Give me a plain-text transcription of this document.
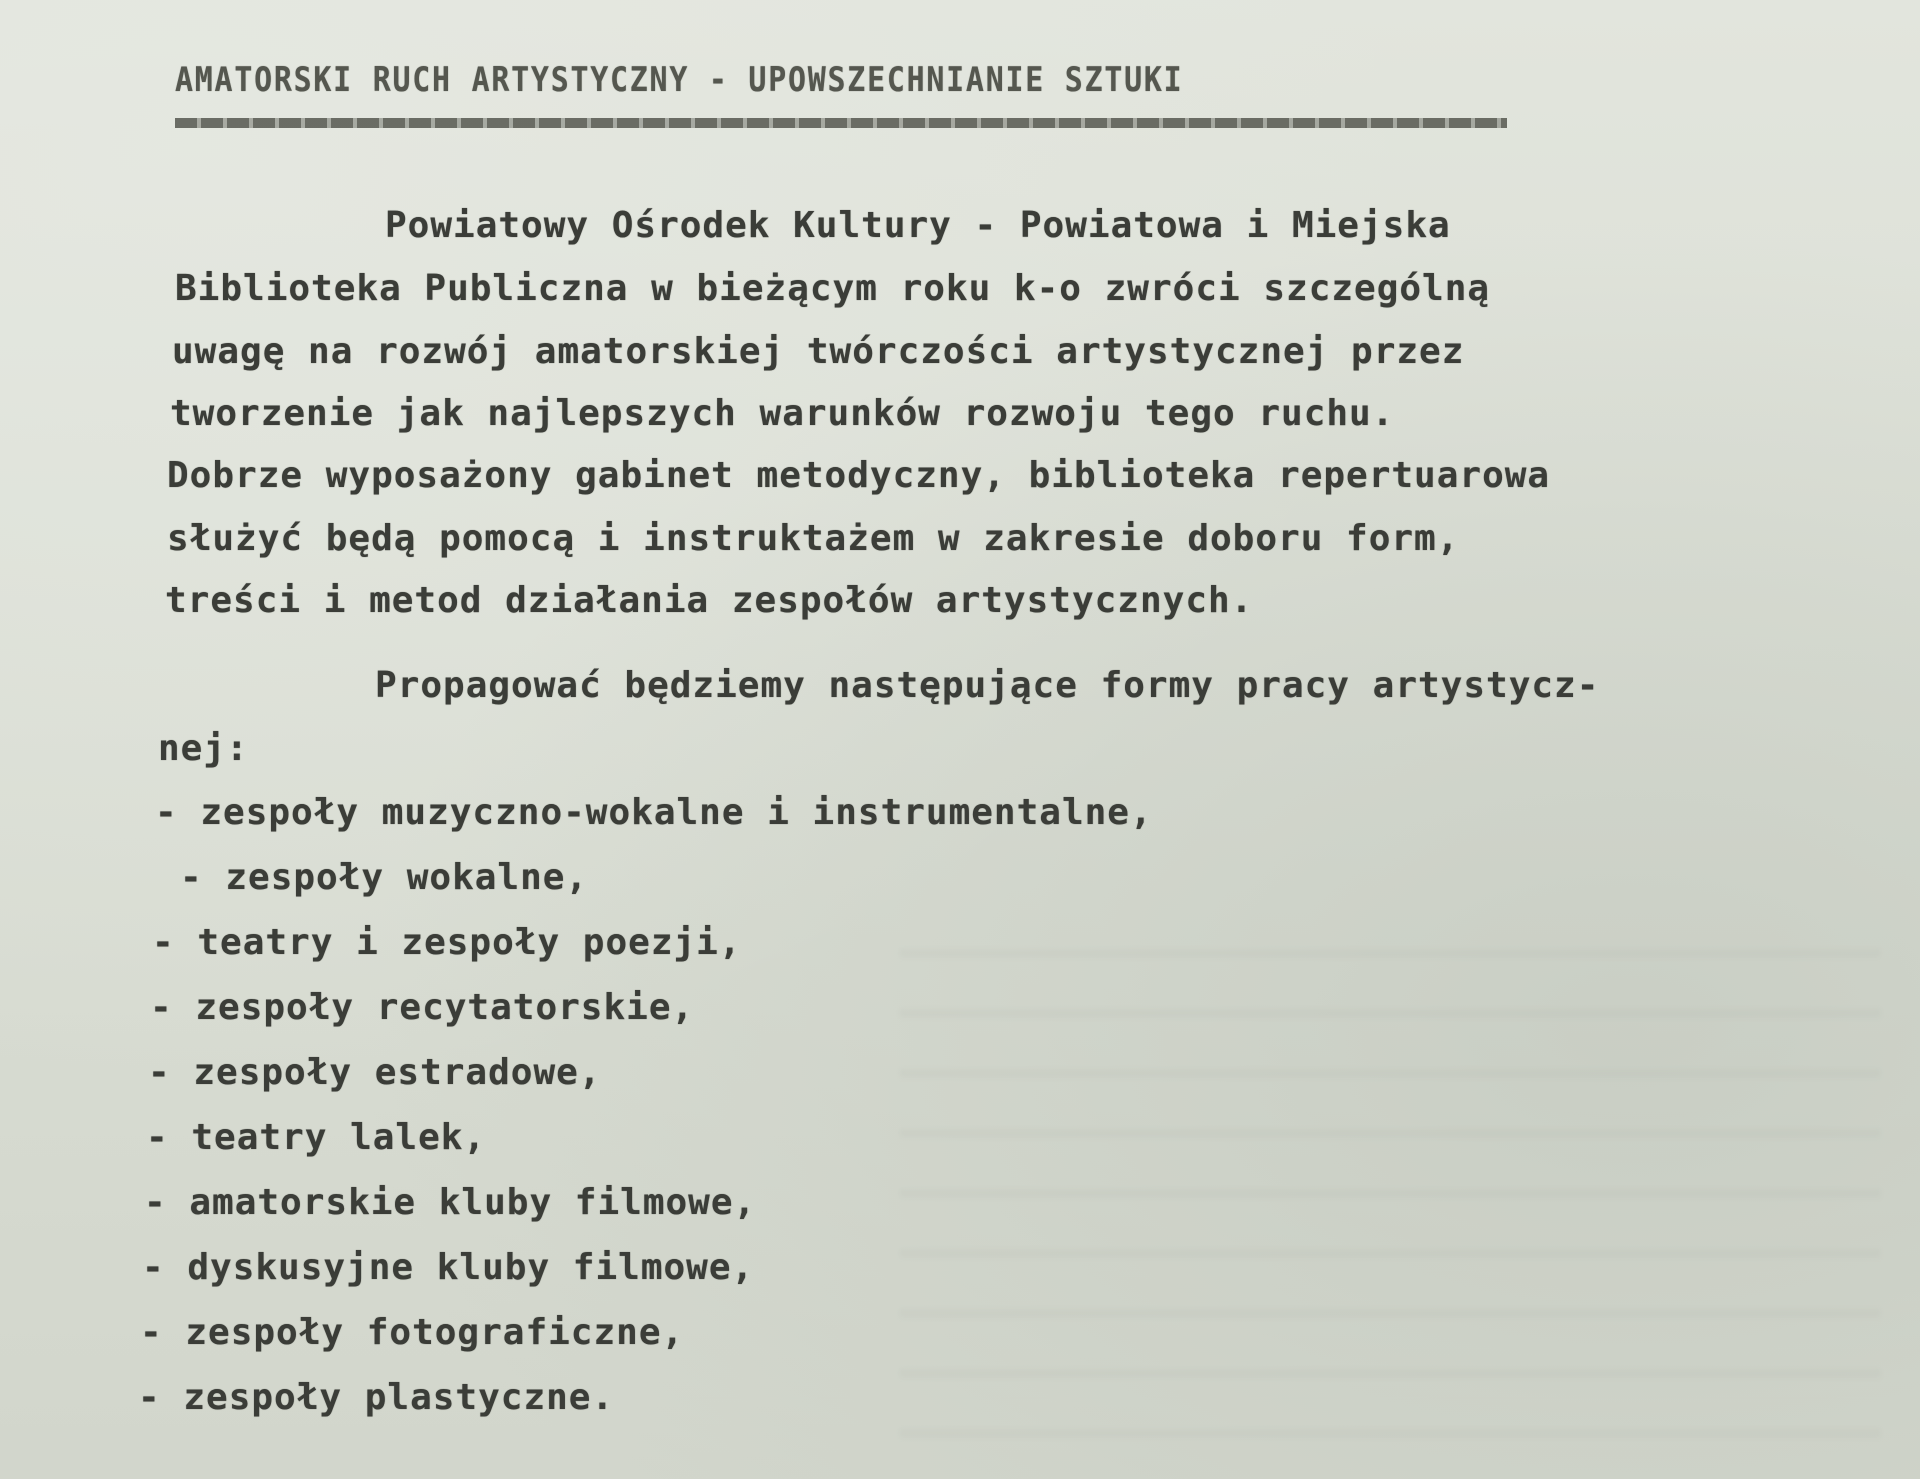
AMATORSKI RUCH ARTYSTYCZNY - UPOWSZECHNIANIE SZTUKI

Powiatowy Ośrodek Kultury - Powiatowa i Miejska

Biblioteka Publiczna w bieżącym roku k-o zwróci szczególną

uwagę na rozwój amatorskiej twórczości artystycznej przez

tworzenie jak najlepszych warunków rozwoju tego ruchu.

Dobrze wyposażony gabinet metodyczny, biblioteka repertuarowa

służyć będą pomocą i instruktażem w zakresie doboru form,

treści i metod działania zespołów artystycznych.

Propagować będziemy następujące formy pracy artystycz-

nej:

- zespoły muzyczno-wokalne i instrumentalne,

- zespoły wokalne,

- teatry i zespoły poezji,

- zespoły recytatorskie,

- zespoły estradowe,

- teatry lalek,

- amatorskie kluby filmowe,

- dyskusyjne kluby filmowe,

- zespoły fotograficzne,

- zespoły plastyczne.
